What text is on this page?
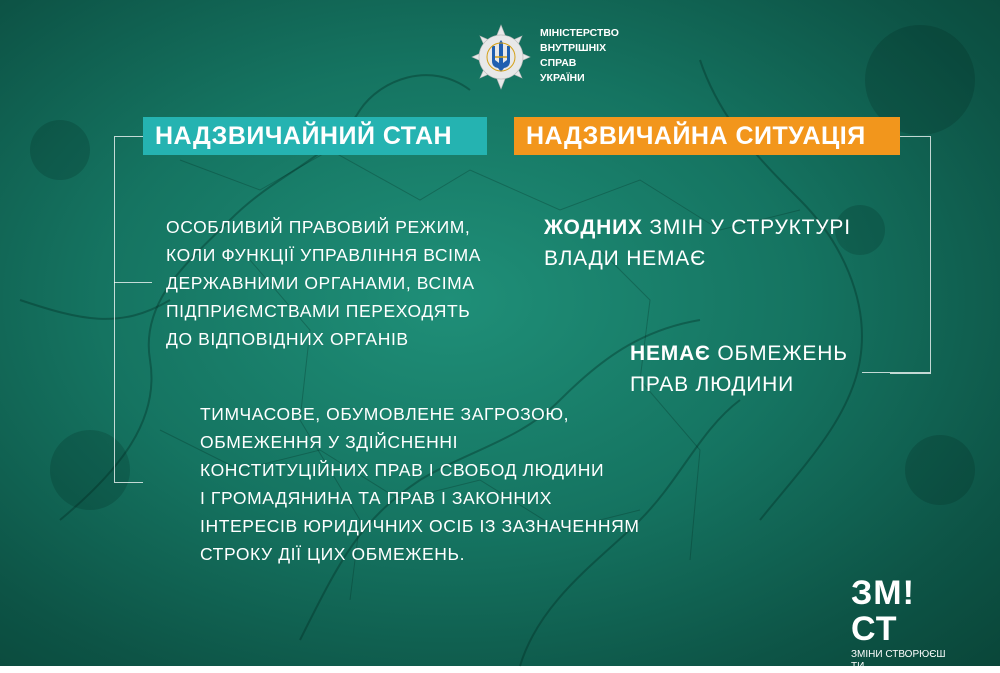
МІНІСТЕРСТВО
ВНУТРІШНІХ
СПРАВ
УКРАЇНИ
НАДЗВИЧАЙНИЙ СТАН	НАДЗВИЧАЙНА СИТУАЦІЯ
ОСОБЛИВИЙ ПРАВОВИЙ РЕЖИМ,
КОЛИ ФУНКЦІЇ УПРАВЛІННЯ ВСІМА
ДЕРЖАВНИМИ ОРГАНАМИ, ВСІМА
ПІДПРИЄМСТВАМИ ПЕРЕХОДЯТЬ
ДО ВІДПОВІДНИХ ОРГАНІВ
ТИМЧАСОВЕ, ОБУМОВЛЕНЕ ЗАГРОЗОЮ,
ОБМЕЖЕННЯ У ЗДІЙСНЕННІ
КОНСТИТУЦІЙНИХ ПРАВ І СВОБОД ЛЮДИНИ
І ГРОМАДЯНИНА ТА ПРАВ І ЗАКОННИХ
ІНТЕРЕСІВ ЮРИДИЧНИХ ОСІБ ІЗ ЗАЗНАЧЕННЯМ
СТРОКУ ДІЇ ЦИХ ОБМЕЖЕНЬ.
ЖОДНИХ ЗМІН У СТРУКТУРІ
ВЛАДИ НЕМАЄ
НЕМАЄ ОБМЕЖЕНЬ
ПРАВ ЛЮДИНИ
ЗМ!СТ
ЗМІНИ СТВОРЮЄШ ТИ
